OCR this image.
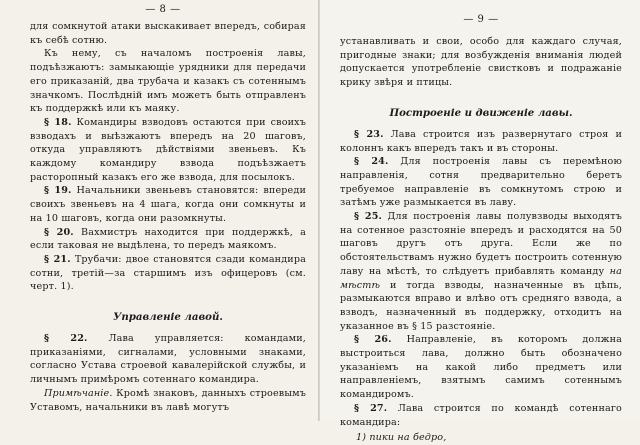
— 8 —

для сомкнутой атаки выскакивает впередъ, собирая къ себѣ сотню.

Къ нему, съ началомъ построенія лавы, подъѣзжаютъ: замыкающіе урядники для передачи его приказаній, два трубача и казакъ съ сотеннымъ значкомъ. Послѣдній имъ можетъ быть отправленъ къ поддержкѣ или къ маяку.

§ 18. Командиры взводовъ остаются при своихъ взводахъ и выѣзжаютъ впередъ на 20 шаговъ, откуда управляютъ дѣйствіями звеньевъ. Къ каждому командиру взвода подъѣзжаетъ расторопный казакъ его же взвода, для посылокъ.

§ 19. Начальники звеньевъ становятся: впереди своихъ звеньевъ на 4 шага, когда они сомкнуты и на 10 шаговъ, когда они разомкнуты.

§ 20. Вахмистръ находится при поддержкѣ, а если таковая не выдѣлена, то передъ маякомъ.

§ 21. Трубачи: двое становятся сзади командира сотни, третій—за старшимъ изъ офицеровъ (см. черт. 1).

Управленіе лавой.

§ 22. Лава управляется: командами, приказаніями, сигналами, условными знаками, согласно Устава строевой кавалерійской службы, и личнымъ примѣромъ сотеннаго командира.

Примѣчаніе. Кромѣ знаковъ, данныхъ строевымъ Уставомъ, начальники въ лавѣ могутъ

— 9 —

устанавливать и свои, особо для каждаго случая, пригодные знаки; для возбужденія вниманія людей допускается употребленіе свистковъ и подражаніе крику звѣря и птицы.

Построеніе и движеніе лавы.

§ 23. Лава строится изъ развернутаго строя и колоннъ какъ впередъ такъ и въ стороны.

§ 24. Для построенія лавы съ перемѣною направленія, сотня предварительно беретъ требуемое направленіе въ сомкнутомъ строю и затѣмъ уже размыкается въ лаву.

§ 25. Для построенія лавы полувзводы выходятъ на сотенное разстояніе впередъ и расходятся на 50 шаговъ другъ отъ друга. Если же по обстоятельствамъ нужно будетъ построить сотенную лаву на мѣстѣ, то слѣдуетъ прибавлять команду на мѣстѣ и тогда взводы, назначенные въ цѣпь, размыкаются вправо и влѣво отъ средняго взвода, а взводъ, назначенный въ поддержку, отходитъ на указанное въ § 15 разстояніе.

§ 26. Направленіе, въ которомъ должна выстроиться лава, должно быть обозначено указаніемъ на какой либо предметъ или направленіемъ, взятымъ самимъ сотеннымъ командиромъ.

§ 27. Лава строится по командѣ сотеннаго командира:

1) пики на бедро,
